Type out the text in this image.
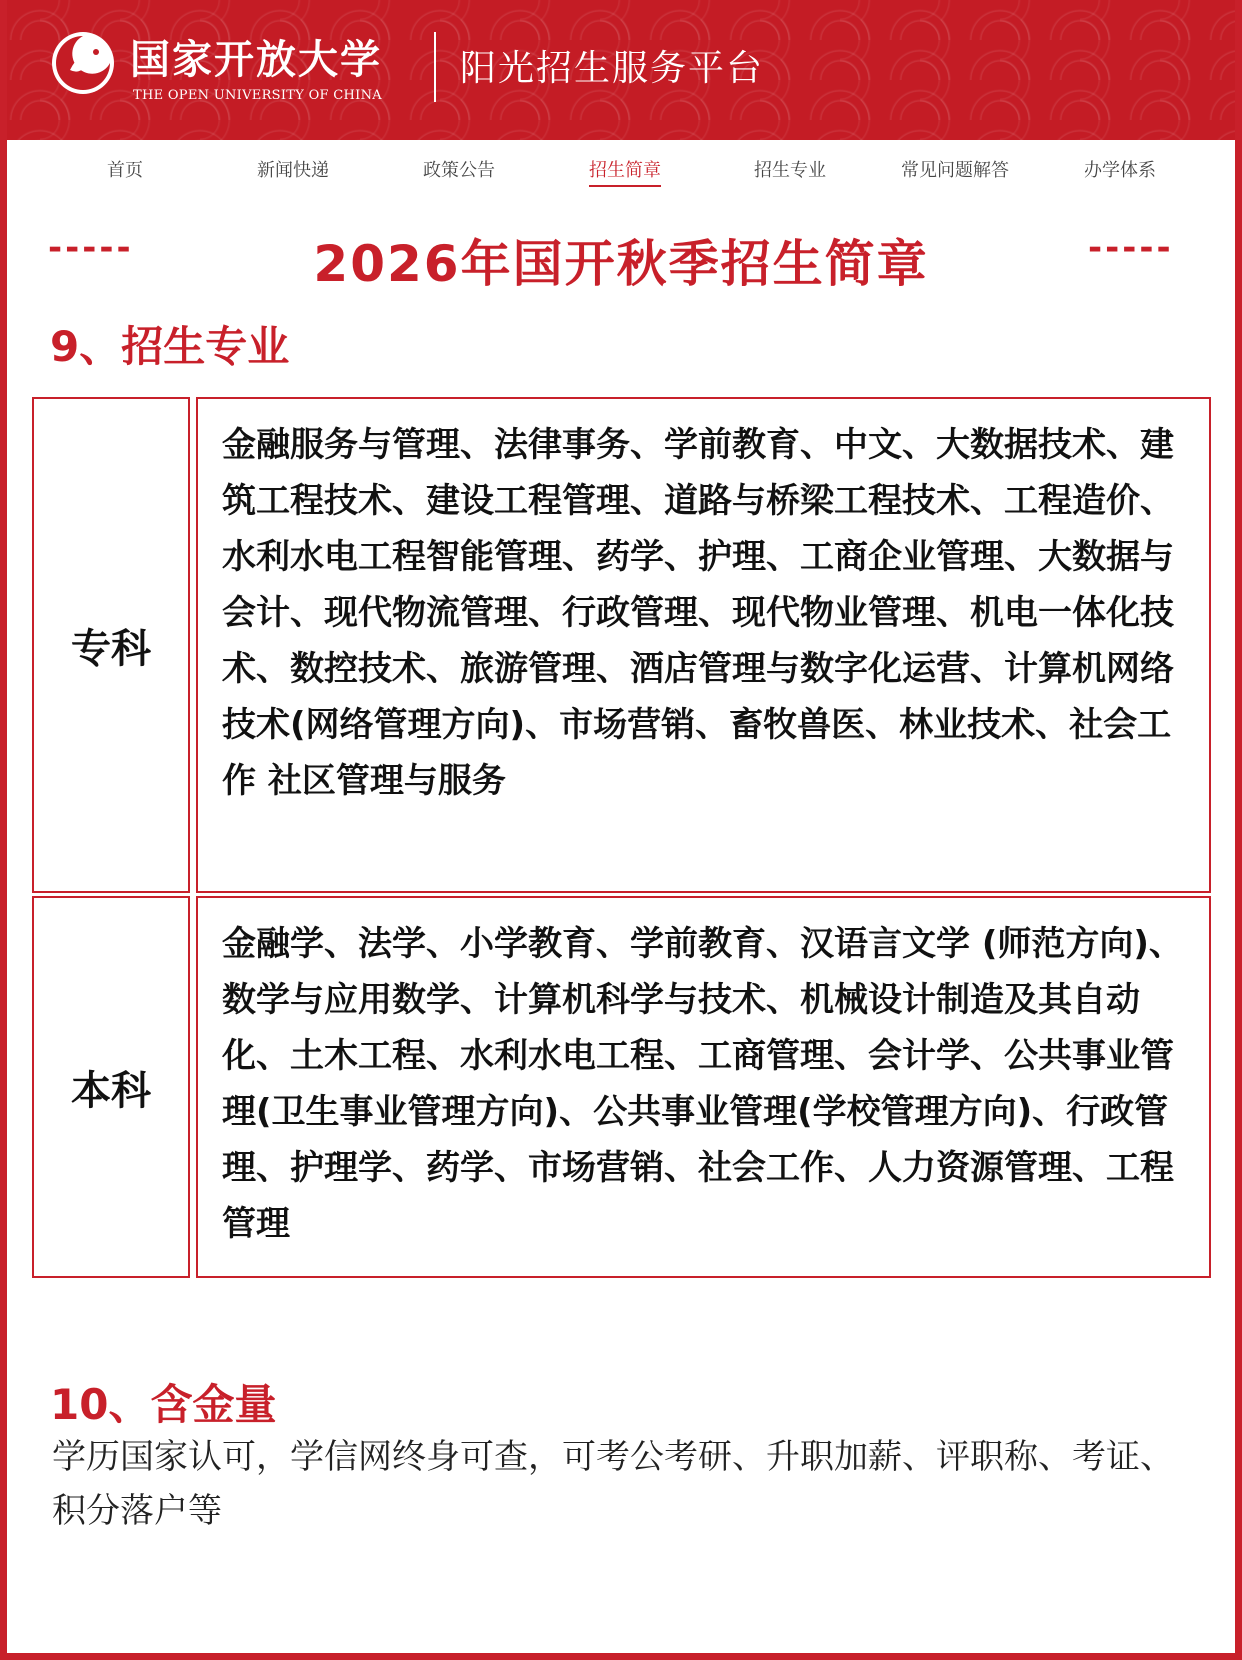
国家开放大学
THE OPEN UNIVERSITY OF CHINA
阳光招生服务平台
首页	新闻快递	政策公告	招生简章	招生专业	常见问题解答	办学体系
-----	2026年国开秋季招生简章	-----
9、招生专业
专科
金融服务与管理、法律事务、学前教育、中文、大数据技术、建筑工程技术、建设工程管理、道路与桥梁工程技术、工程造价、水利水电工程智能管理、药学、护理、工商企业管理、大数据与会计、现代物流管理、行政管理、现代物业管理、机电一体化技术、数控技术、旅游管理、酒店管理与数字化运营、计算机网络技术(网络管理方向)、市场营销、畜牧兽医、林业技术、社会工作 社区管理与服务
本科
金融学、法学、小学教育、学前教育、汉语言文学 (师范方向)、数学与应用数学、计算机科学与技术、机械设计制造及其自动化、土木工程、水利水电工程、工商管理、会计学、公共事业管理(卫生事业管理方向)、公共事业管理(学校管理方向)、行政管理、护理学、药学、市场营销、社会工作、人力资源管理、工程管理
10、含金量
学历国家认可，学信网终身可查，可考公考研、升职加薪、评职称、考证、积分落户等
